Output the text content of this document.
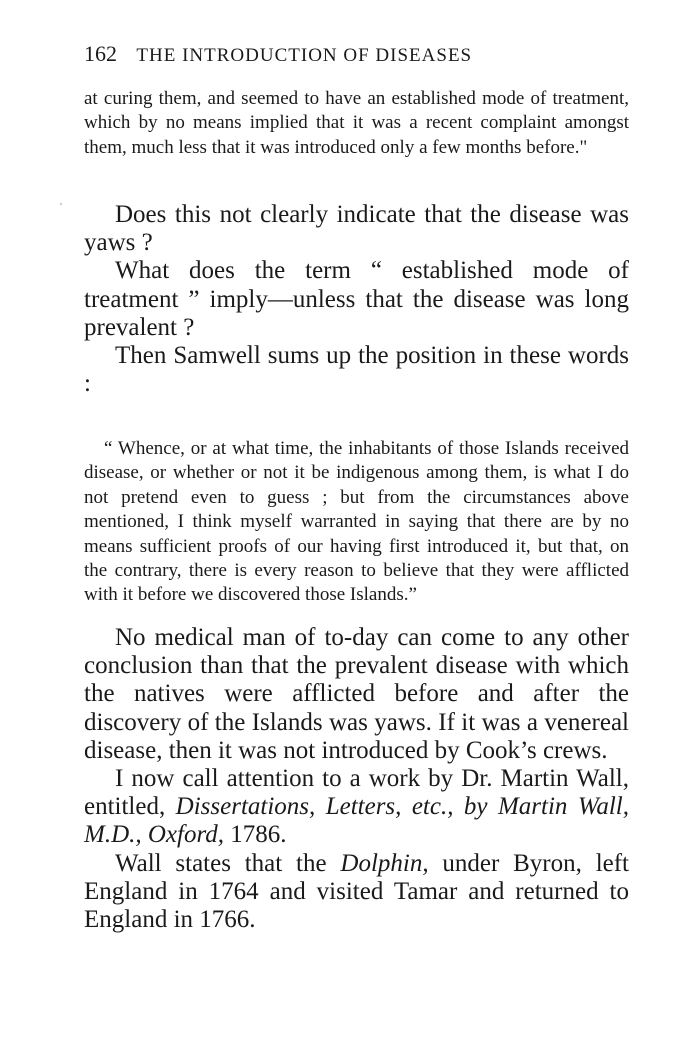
162 THE INTRODUCTION OF DISEASES

at curing them, and seemed to have an established mode of treatment, which by no means implied that it was a recent complaint amongst them, much less that it was introduced only a few months before."

'	Does this not clearly indicate that the disease was yaws ?

What does the term “ established mode of treatment ” imply—unless that the disease was long prevalent ?

Then Samwell sums up the position in these words :

“ Whence, or at what time, the inhabitants of those Islands received disease, or whether or not it be indigenous among them, is what I do not pretend even to guess ; but from the circumstances above mentioned, I think myself warranted in saying that there are by no means sufficient proofs of our having first introduced it, but that, on the contrary, there is every reason to believe that they were afflicted with it before we discovered those Islands.”

No medical man of to-day can come to any other conclusion than that the prevalent disease with which the natives were afflicted before and after the discovery of the Islands was yaws. If it was a venereal disease, then it was not introduced by Cook’s crews.

I now call attention to a work by Dr. Martin Wall, entitled, Dissertations, Letters, etc., by Martin Wall, M.D., Oxford, 1786.

Wall states that the Dolphin, under Byron, left England in 1764 and visited Tamar and returned to England in 1766.
